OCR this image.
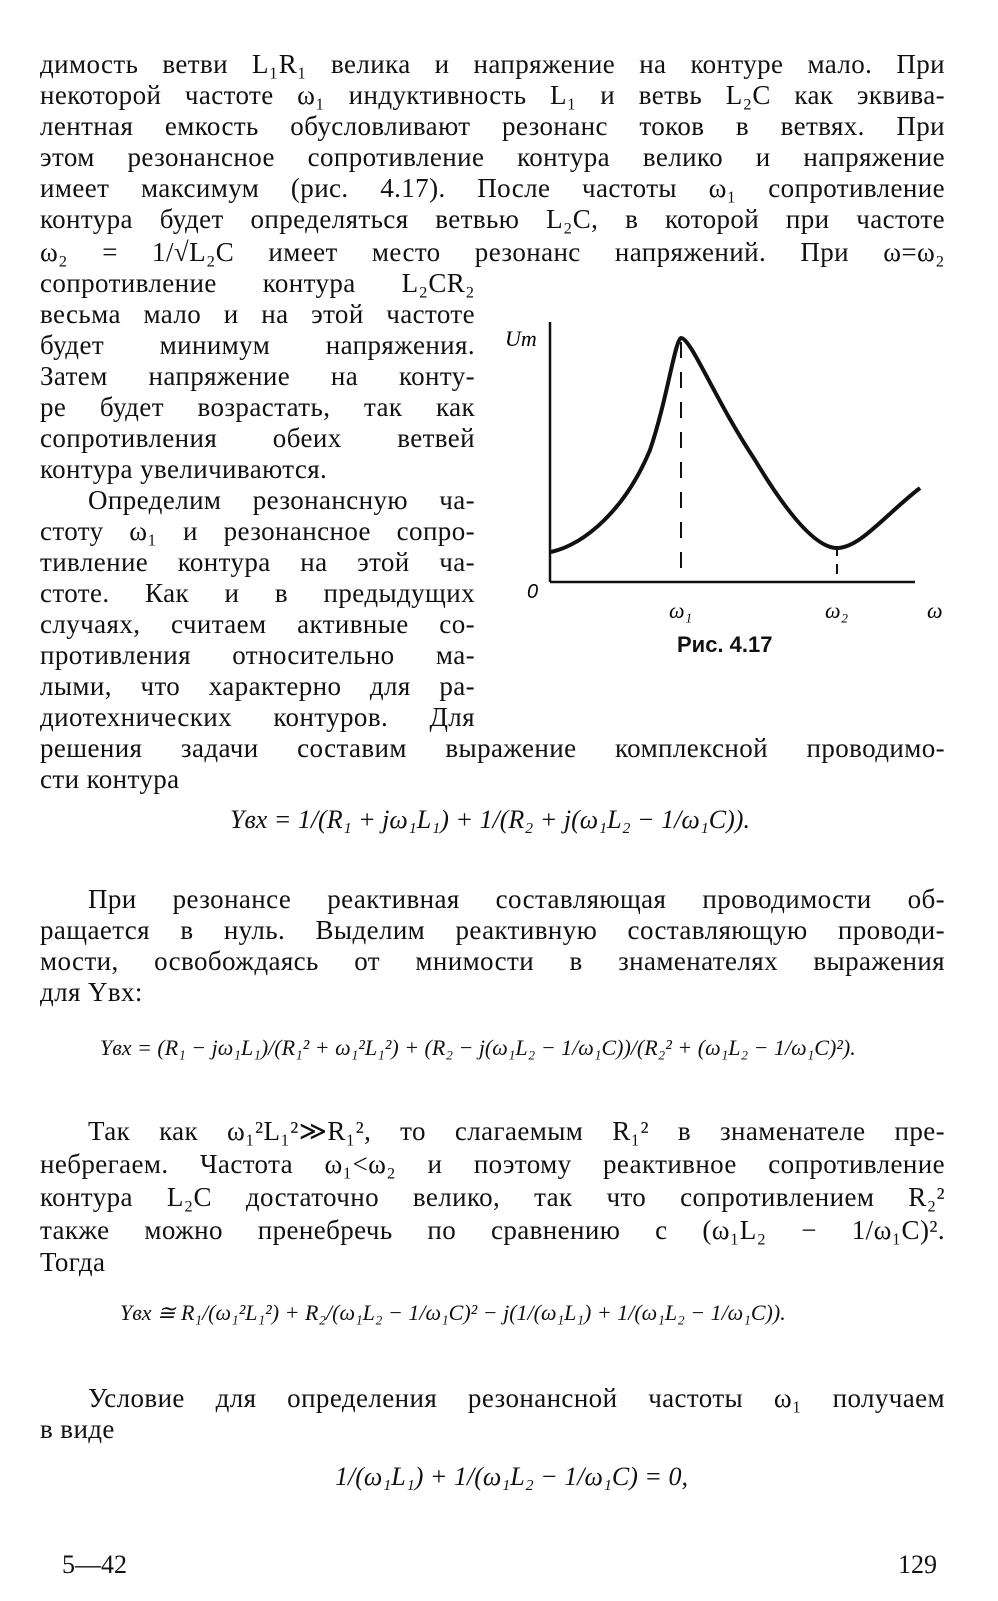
димость ветви L₁R₁ велика и напряжение на контуре мало. При
некоторой частоте ω₁ индуктивность L₁ и ветвь L₂C как эквива-
лентная емкость обусловливают резонанс токов в ветвях. При
этом резонансное сопротивление контура велико и напряжение
имеет максимум (рис. 4.17). После частоты ω₁ сопротивление
контура будет определяться ветвью L₂C, в которой при частоте
ω₂ = 1/√L₂C имеет место резонанс напряжений. При ω=ω₂
сопротивление контура L₂CR₂
весьма мало и на этой частоте
будет минимум напряжения.
Затем напряжение на конту-
ре будет возрастать, так как
сопротивления обеих ветвей
контура увеличиваются.
Определим резонансную ча-
стоту ω₁ и резонансное сопро-
тивление контура на этой ча-
стоте. Как и в предыдущих
случаях, считаем активные со-
противления относительно ма-
лыми, что характерно для ра-
диотехнических контуров. Для
решения задачи составим выражение комплексной проводимо-
сти контура
Um
0
ω₁	ω₂	ω
Рис. 4.17
Yвх = 1/(R₁ + jω₁L₁) + 1/(R₂ + j(ω₁L₂ − 1/ω₁C)).
При резонансе реактивная составляющая проводимости об-
ращается в нуль. Выделим реактивную составляющую проводи-
мости, освобождаясь от мнимости в знаменателях выражения
для Yвх:
Yвх = (R₁ − jω₁L₁)/(R₁² + ω₁²L₁²) + (R₂ − j(ω₁L₂ − 1/ω₁C))/(R₂² + (ω₁L₂ − 1/ω₁C)²).
Так как ω₁²L₁²≫R₁², то слагаемым R₁² в знаменателе пре-
небрегаем. Частота ω₁<ω₂ и поэтому реактивное сопротивление
контура L₂C достаточно велико, так что сопротивлением R₂²
также можно пренебречь по сравнению с (ω₁L₂ − 1/ω₁C)².
Тогда
Yвх ≅ R₁/(ω₁²L₁²) + R₂/(ω₁L₂ − 1/ω₁C)² − j(1/(ω₁L₁) + 1/(ω₁L₂ − 1/ω₁C)).
Условие для определения резонансной частоты ω₁ получаем
в виде
1/(ω₁L₁) + 1/(ω₁L₂ − 1/ω₁C) = 0,
5—42	129
